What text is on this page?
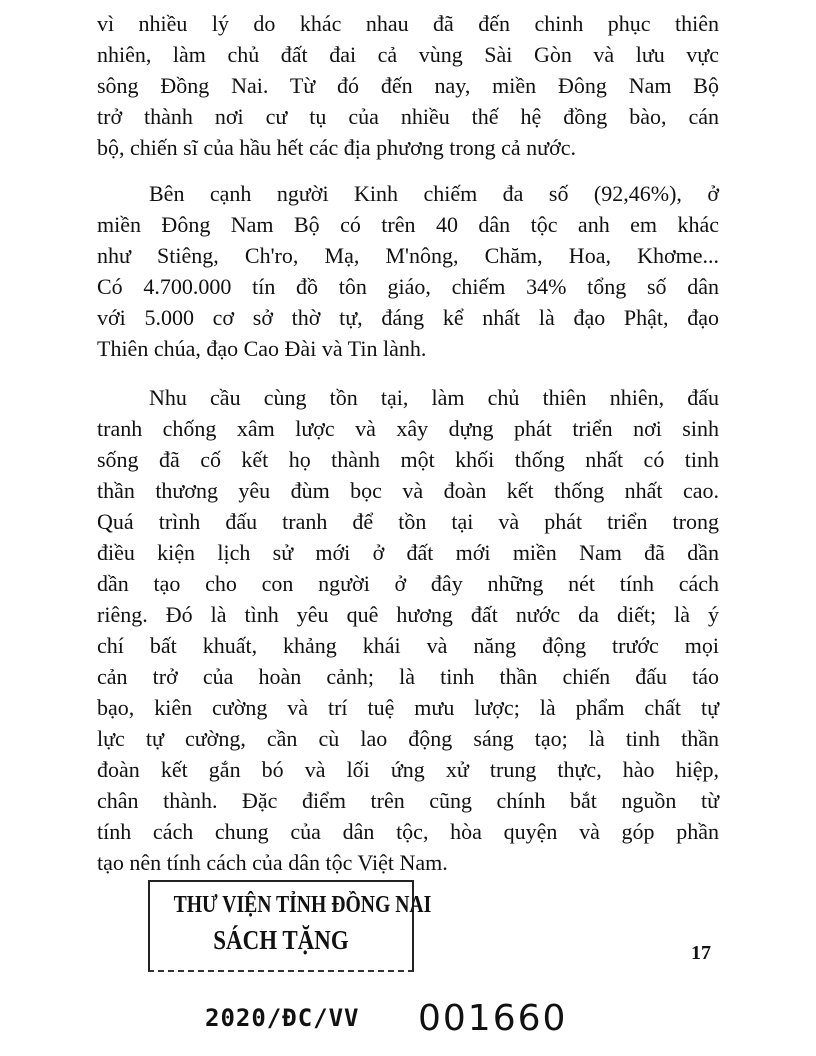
vì nhiều lý do khác nhau đã đến chinh phục thiên
nhiên, làm chủ đất đai cả vùng Sài Gòn và lưu vực
sông Đồng Nai. Từ đó đến nay, miền Đông Nam Bộ
trở thành nơi cư tụ của nhiều thế hệ đồng bào, cán
bộ, chiến sĩ của hầu hết các địa phương trong cả nước.
Bên cạnh người Kinh chiếm đa số (92,46%), ở
miền Đông Nam Bộ có trên 40 dân tộc anh em khác
như Stiêng, Ch'ro, Mạ, M'nông, Chăm, Hoa, Khơme...
Có 4.700.000 tín đồ tôn giáo, chiếm 34% tổng số dân
với 5.000 cơ sở thờ tự, đáng kể nhất là đạo Phật, đạo
Thiên chúa, đạo Cao Đài và Tin lành.
Nhu cầu cùng tồn tại, làm chủ thiên nhiên, đấu
tranh chống xâm lược và xây dựng phát triển nơi sinh
sống đã cố kết họ thành một khối thống nhất có tinh
thần thương yêu đùm bọc và đoàn kết thống nhất cao.
Quá trình đấu tranh để tồn tại và phát triển trong
điều kiện lịch sử mới ở đất mới miền Nam đã dần
dần tạo cho con người ở đây những nét tính cách
riêng. Đó là tình yêu quê hương đất nước da diết; là ý
chí bất khuất, khảng khái và năng động trước mọi
cản trở của hoàn cảnh; là tinh thần chiến đấu táo
bạo, kiên cường và trí tuệ mưu lược; là phẩm chất tự
lực tự cường, cần cù lao động sáng tạo; là tinh thần
đoàn kết gắn bó và lối ứng xử trung thực, hào hiệp,
chân thành. Đặc điểm trên cũng chính bắt nguồn từ
tính cách chung của dân tộc, hòa quyện và góp phần
tạo nên tính cách của dân tộc Việt Nam.
THƯ VIỆN TỈNH ĐỒNG NAI
SÁCH TẶNG	17
2020/ĐC/VV 001660
